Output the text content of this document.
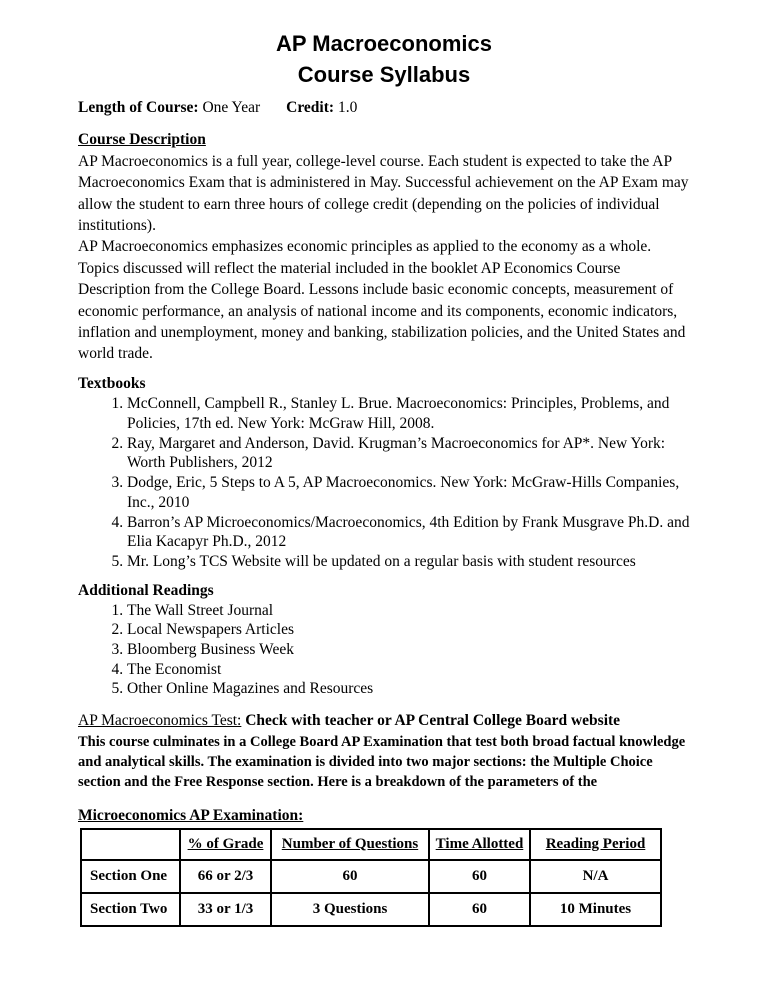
AP Macroeconomics
Course Syllabus

Length of Course: One Year Credit: 1.0

Course Description

AP Macroeconomics is a full year, college-level course. Each student is expected to take the AP Macroeconomics Exam that is administered in May. Successful achievement on the AP Exam may allow the student to earn three hours of college credit (depending on the policies of individual institutions).

AP Macroeconomics emphasizes economic principles as applied to the economy as a whole. Topics discussed will reflect the material included in the booklet AP Economics Course Description from the College Board. Lessons include basic economic concepts, measurement of economic performance, an analysis of national income and its components, economic indicators, inflation and unemployment, money and banking, stabilization policies, and the United States and world trade.

Textbooks
1. McConnell, Campbell R., Stanley L. Brue. Macroeconomics: Principles, Problems, and Policies, 17th ed. New York: McGraw Hill, 2008.
2. Ray, Margaret and Anderson, David. Krugman’s Macroeconomics for AP*. New York: Worth Publishers, 2012
3. Dodge, Eric, 5 Steps to A 5, AP Macroeconomics. New York: McGraw-Hills Companies, Inc., 2010
4. Barron’s AP Microeconomics/Macroeconomics, 4th Edition by Frank Musgrave Ph.D. and Elia Kacapyr Ph.D., 2012
5. Mr. Long’s TCS Website will be updated on a regular basis with student resources
Additional Readings
1. The Wall Street Journal
2. Local Newspapers Articles
3. Bloomberg Business Week
4. The Economist
5. Other Online Magazines and Resources

AP Macroeconomics Test: Check with teacher or AP Central College Board website

This course culminates in a College Board AP Examination that test both broad factual knowledge and analytical skills. The examination is divided into two major sections: the Multiple Choice section and the Free Response section. Here is a breakdown of the parameters of the

Microeconomics AP Examination:
	% of Grade	Number of Questions	Time Allotted	Reading Period
Section One	66 or 2/3	60	60	N/A
Section Two	33 or 1/3	3 Questions	60	10 Minutes
